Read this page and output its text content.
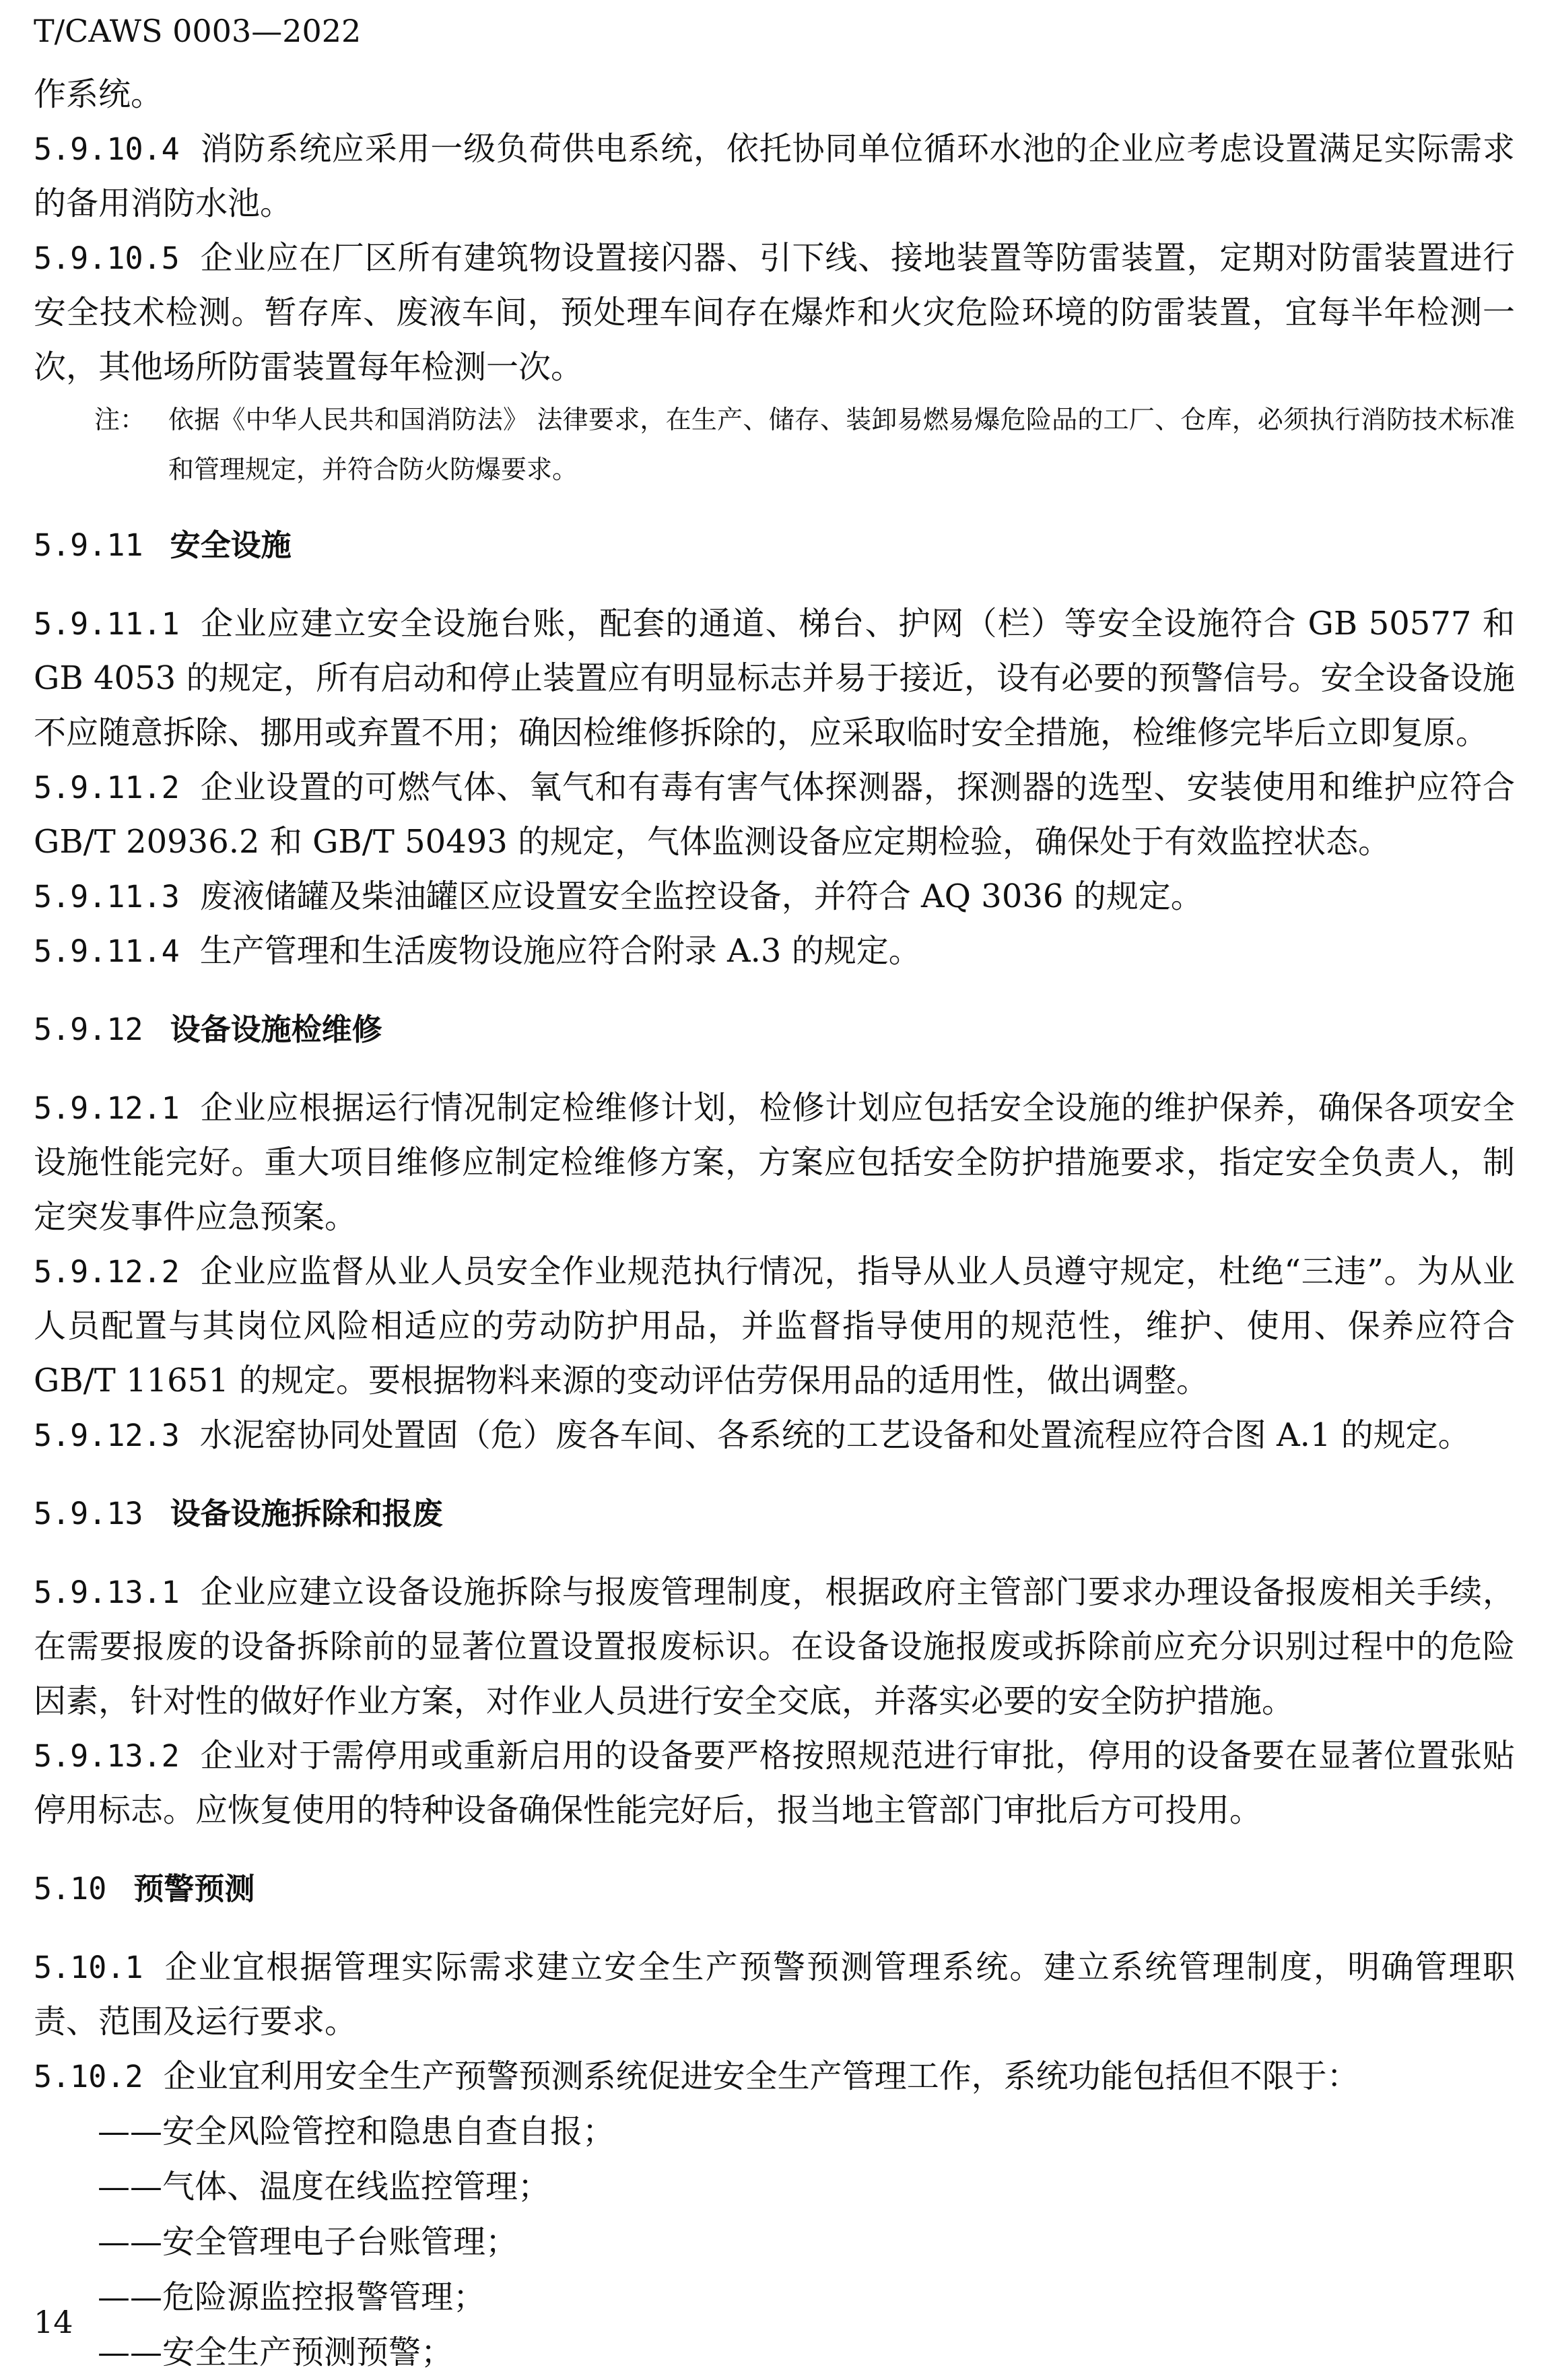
T/CAWS 0003—2022

作系统。

5.9.10.4 消防系统应采用一级负荷供电系统，依托协同单位循环水池的企业应考虑设置满足实际需求的备用消防水池。

5.9.10.5 企业应在厂区所有建筑物设置接闪器、引下线、接地装置等防雷装置，定期对防雷装置进行安全技术检测。暂存库、废液车间，预处理车间存在爆炸和火灾危险环境的防雷装置，宜每半年检测一次，其他场所防雷装置每年检测一次。

注： 依据《中华人民共和国消防法》 法律要求，在生产、储存、装卸易燃易爆危险品的工厂、仓库，必须执行消防技术标准和管理规定，并符合防火防爆要求。
5.9.11 安全设施

5.9.11.1 企业应建立安全设施台账，配套的通道、梯台、护网（栏）等安全设施符合 GB 50577 和 GB 4053 的规定，所有启动和停止装置应有明显标志并易于接近，设有必要的预警信号。安全设备设施不应随意拆除、挪用或弃置不用；确因检维修拆除的，应采取临时安全措施，检维修完毕后立即复原。

5.9.11.2 企业设置的可燃气体、氧气和有毒有害气体探测器，探测器的选型、安装使用和维护应符合 GB/T 20936.2 和 GB/T 50493 的规定，气体监测设备应定期检验，确保处于有效监控状态。

5.9.11.3 废液储罐及柴油罐区应设置安全监控设备，并符合 AQ 3036 的规定。

5.9.11.4 生产管理和生活废物设施应符合附录 A.3 的规定。

5.9.12 设备设施检维修

5.9.12.1 企业应根据运行情况制定检维修计划，检修计划应包括安全设施的维护保养，确保各项安全设施性能完好。重大项目维修应制定检维修方案，方案应包括安全防护措施要求，指定安全负责人，制定突发事件应急预案。

5.9.12.2 企业应监督从业人员安全作业规范执行情况，指导从业人员遵守规定，杜绝“三违”。为从业人员配置与其岗位风险相适应的劳动防护用品，并监督指导使用的规范性，维护、使用、保养应符合 GB/T 11651 的规定。要根据物料来源的变动评估劳保用品的适用性，做出调整。

5.9.12.3 水泥窑协同处置固（危）废各车间、各系统的工艺设备和处置流程应符合图 A.1 的规定。

5.9.13 设备设施拆除和报废

5.9.13.1 企业应建立设备设施拆除与报废管理制度，根据政府主管部门要求办理设备报废相关手续，在需要报废的设备拆除前的显著位置设置报废标识。在设备设施报废或拆除前应充分识别过程中的危险因素，针对性的做好作业方案，对作业人员进行安全交底，并落实必要的安全防护措施。

5.9.13.2 企业对于需停用或重新启用的设备要严格按照规范进行审批，停用的设备要在显著位置张贴停用标志。应恢复使用的特种设备确保性能完好后，报当地主管部门审批后方可投用。

5.10 预警预测

5.10.1 企业宜根据管理实际需求建立安全生产预警预测管理系统。建立系统管理制度，明确管理职责、范围及运行要求。

5.10.2 企业宜利用安全生产预警预测系统促进安全生产管理工作，系统功能包括但不限于：

——安全风险管控和隐患自查自报；
——气体、温度在线监控管理；
——安全管理电子台账管理；
——危险源监控报警管理；
——安全生产预测预警；
14
